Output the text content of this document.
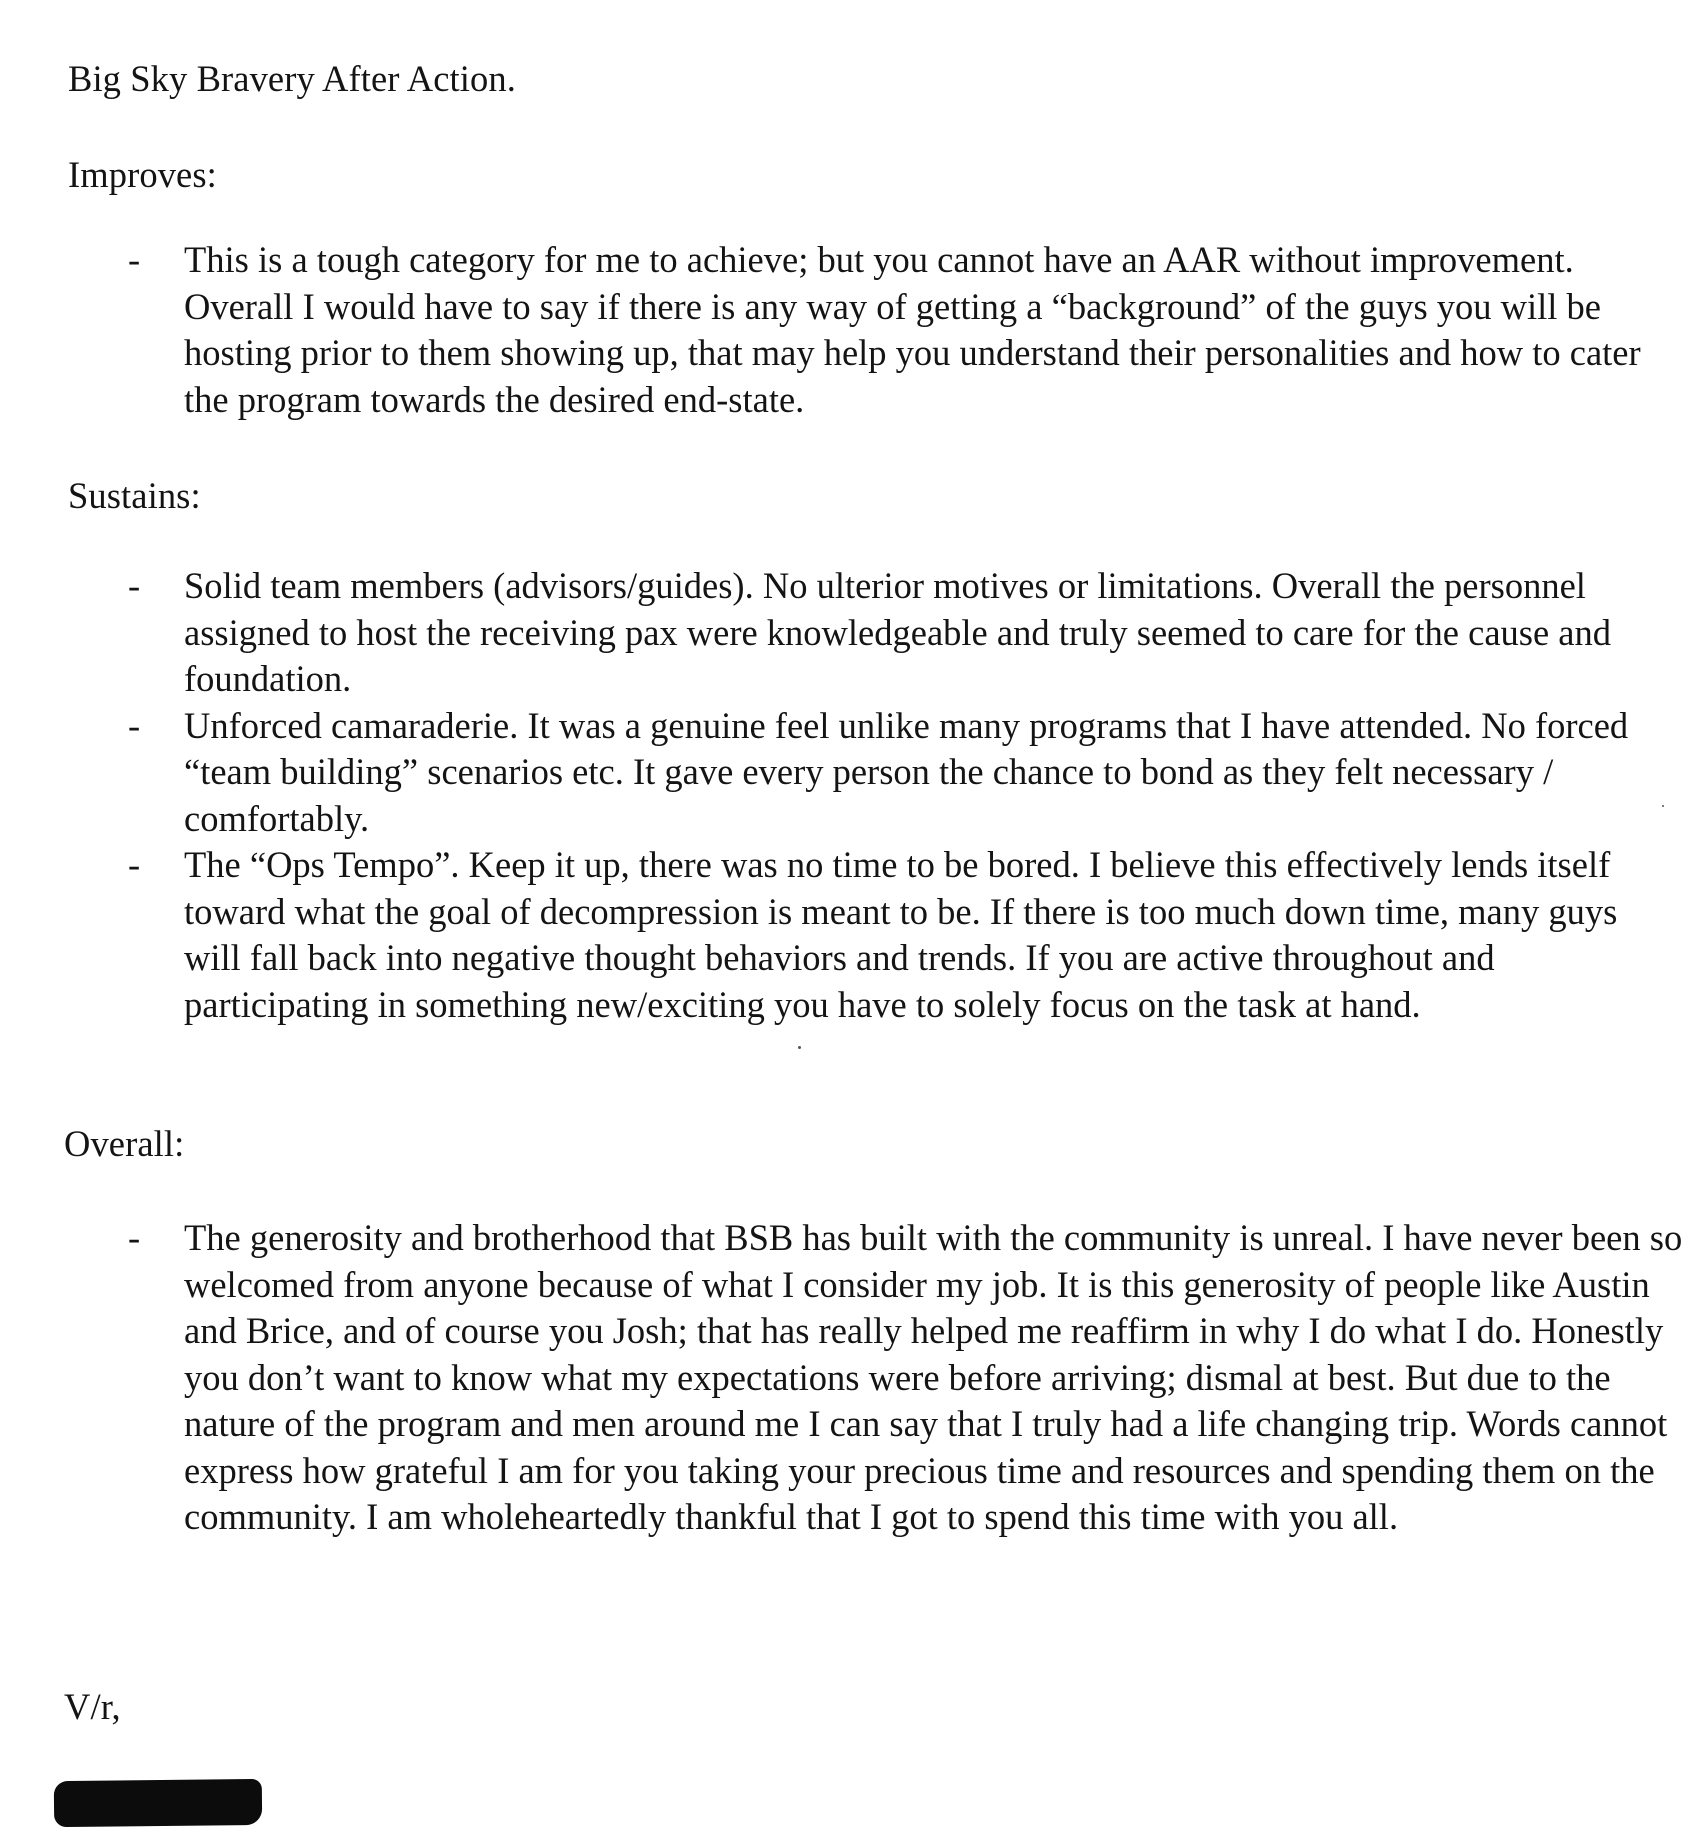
Big Sky Bravery After Action.
Improves:
-	This is a tough category for me to achieve; but you cannot have an AAR without improvement. Overall I would have to say if there is any way of getting a “background” of the guys you will be hosting prior to them showing up, that may help you understand their personalities and how to cater the program towards the desired end-state.
Sustains:
-	Solid team members (advisors/guides). No ulterior motives or limitations. Overall the personnel assigned to host the receiving pax were knowledgeable and truly seemed to care for the cause and foundation.
-	Unforced camaraderie. It was a genuine feel unlike many programs that I have attended. No forced “team building” scenarios etc. It gave every person the chance to bond as they felt necessary / comfortably.
-	The “Ops Tempo”. Keep it up, there was no time to be bored. I believe this effectively lends itself toward what the goal of decompression is meant to be. If there is too much down time, many guys will fall back into negative thought behaviors and trends. If you are active throughout and participating in something new/exciting you have to solely focus on the task at hand.
Overall:
-	The generosity and brotherhood that BSB has built with the community is unreal. I have never been so welcomed from anyone because of what I consider my job. It is this generosity of people like Austin and Brice, and of course you Josh; that has really helped me reaffirm in why I do what I do. Honestly you don’t want to know what my expectations were before arriving; dismal at best. But due to the nature of the program and men around me I can say that I truly had a life changing trip. Words cannot express how grateful I am for you taking your precious time and resources and spending them on the community. I am wholeheartedly thankful that I got to spend this time with you all.
V/r,
